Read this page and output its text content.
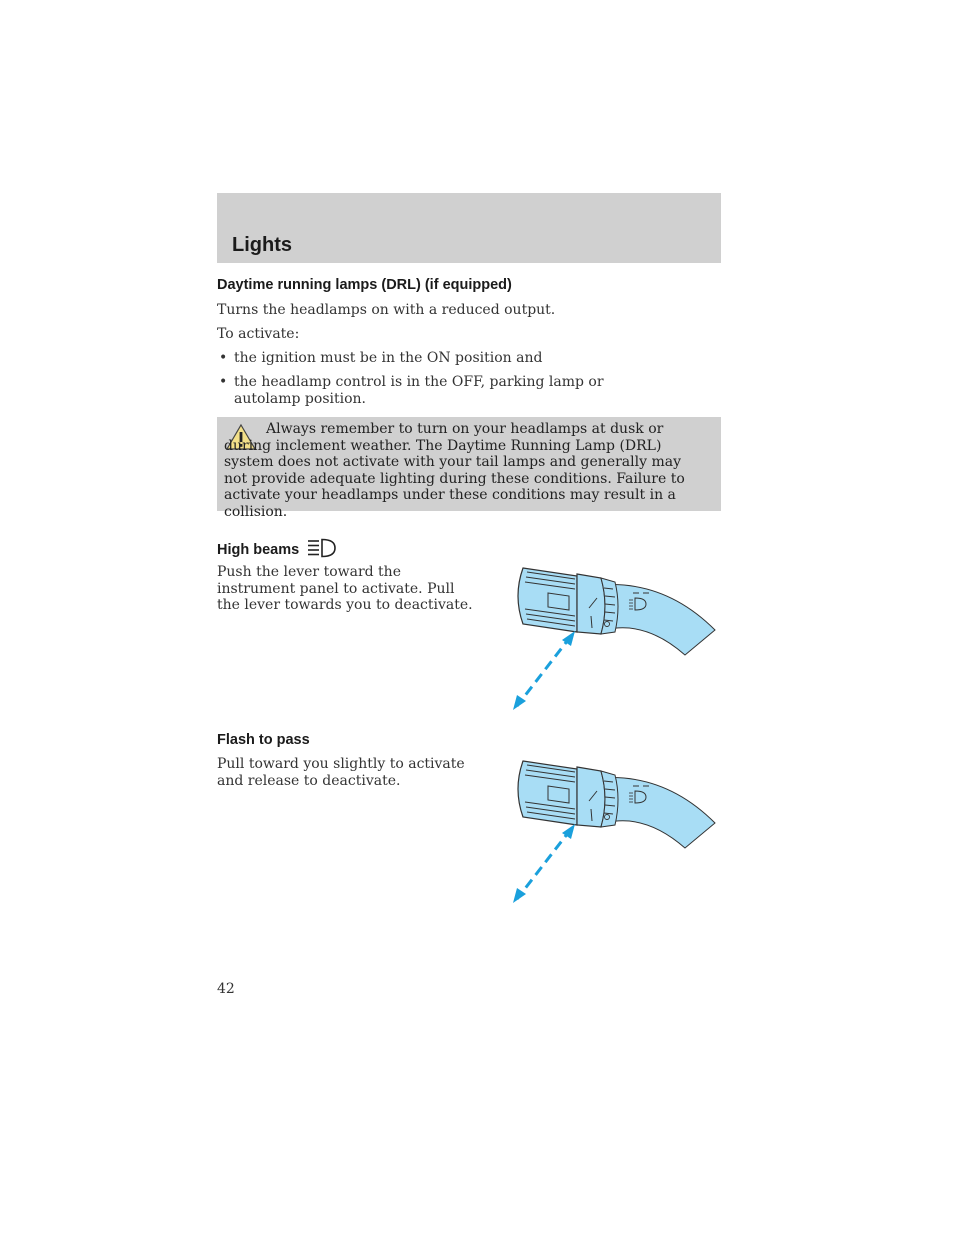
Lights
Daytime running lamps (DRL) (if equipped)
Turns the headlamps on with a reduced output.
To activate:
• the ignition must be in the ON position and
• the headlamp control is in the OFF, parking lamp or autolamp position.
Always remember to turn on your headlamps at dusk or during inclement weather. The Daytime Running Lamp (DRL) system does not activate with your tail lamps and generally may not provide adequate lighting during these conditions. Failure to activate your headlamps under these conditions may result in a collision.
High beams
Push the lever toward the instrument panel to activate. Pull the lever towards you to deactivate.
Flash to pass
Pull toward you slightly to activate and release to deactivate.
42
